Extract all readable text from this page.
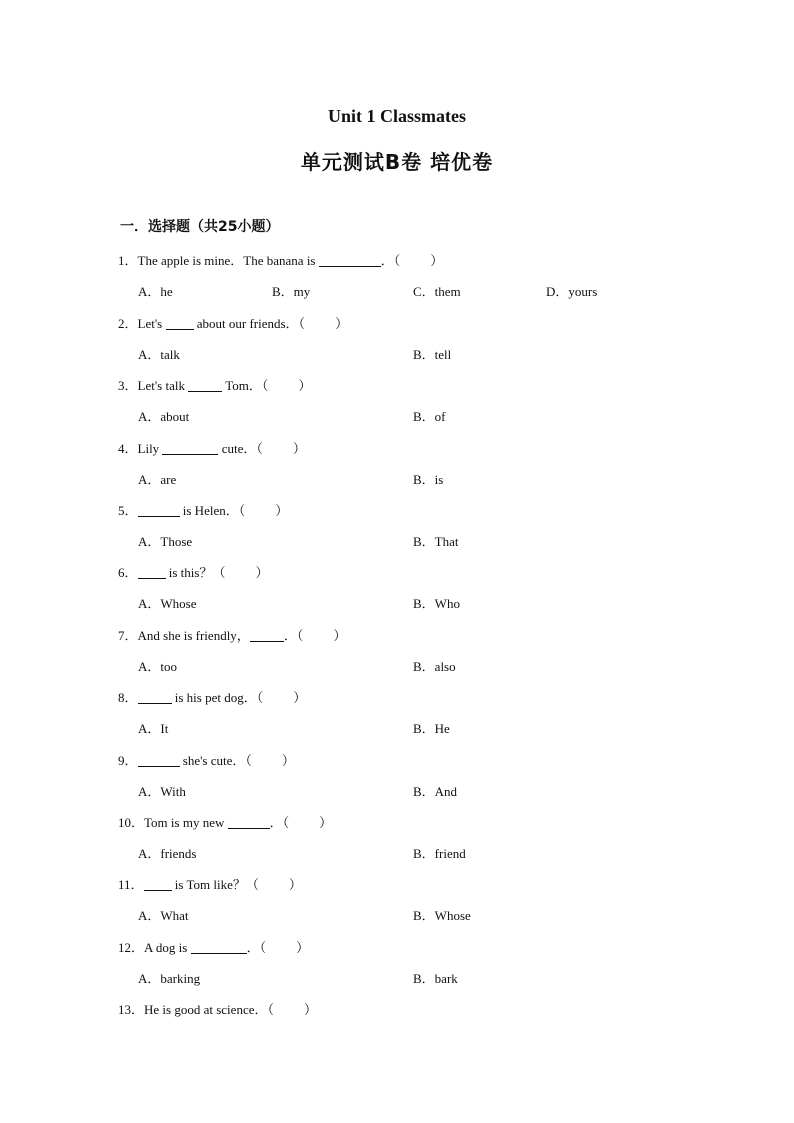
Unit 1 Classmates
单元测试B卷 培优卷
一．选择题（共25小题）
1．The apple is mine．The banana is	．（ ）
A．he	B．my	C．them	D．yours
2．Let's  about our friends．（ ）
A．talk	B．tell
3．Let's talk	Tom．（ ）
A．about	B．of
4．Lily	cute．（ ）
A．are	B．is
5．	is Helen．（ ）
A．Those	B．That
6． is this？（ ）
A．Whose	B．Who
7．And she is friendly，	．（ ）
A．too	B．also
8．	is his pet dog．（ ）
A．It	B．He
9．	she's cute．（ ）
A．With	B．And
10．Tom is my new	．（ ）
A．friends	B．friend
11． is Tom like？（ ）
A．What	B．Whose
12．A dog is	．（ ）
A．barking	B．bark
13．He is good at science．（ ）
